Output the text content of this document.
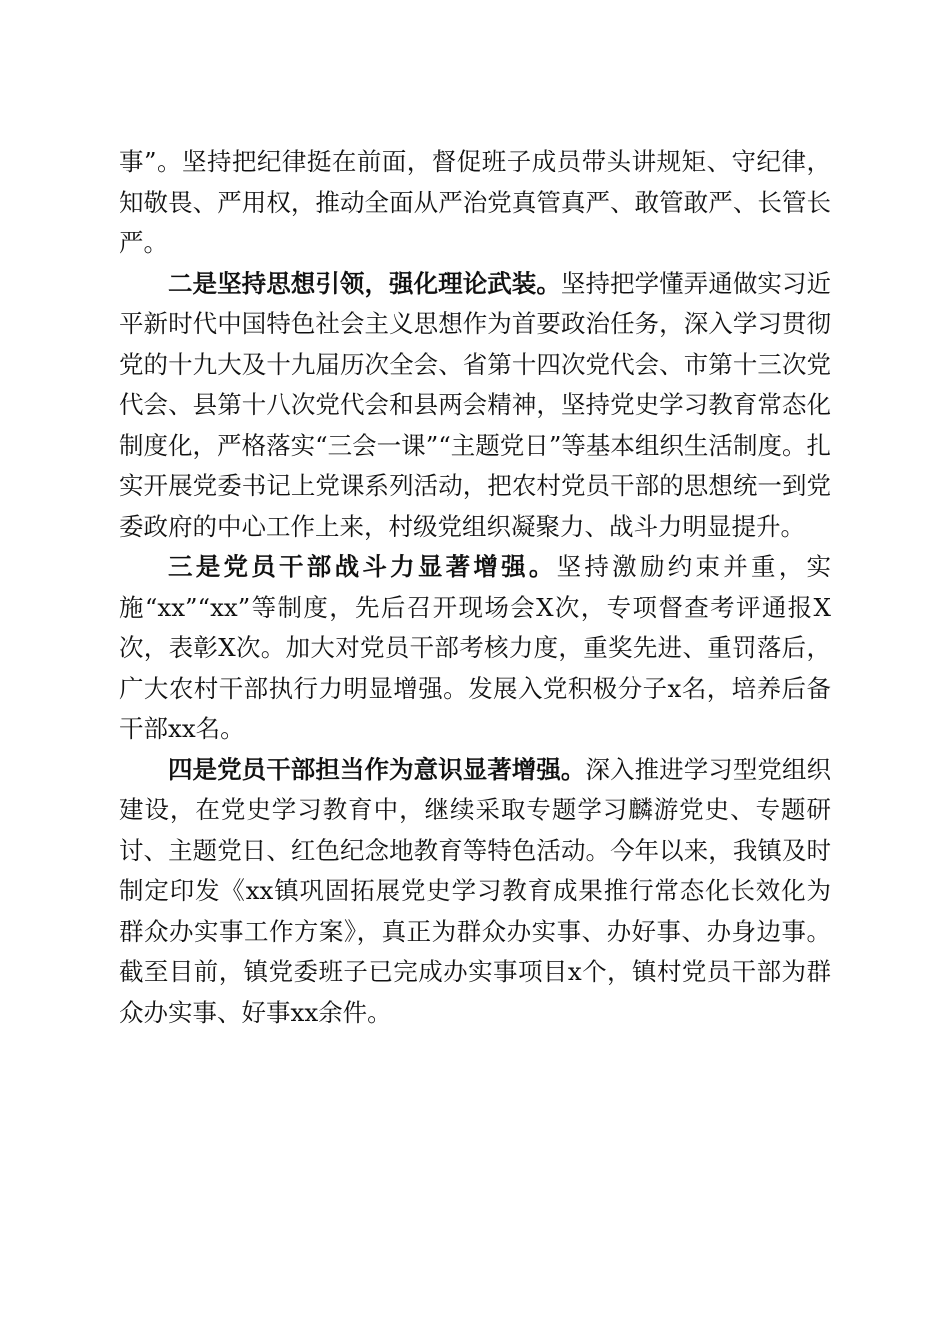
事”。坚持把纪律挺在前面，督促班子成员带头讲规矩、守纪律，知敬畏、严用权，推动全面从严治党真管真严、敢管敢严、长管长严。

二是坚持思想引领，强化理论武装。坚持把学懂弄通做实习近平新时代中国特色社会主义思想作为首要政治任务，深入学习贯彻党的十九大及十九届历次全会、省第十四次党代会、市第十三次党代会、县第十八次党代会和县两会精神，坚持党史学习教育常态化制度化，严格落实“三会一课”“主题党日”等基本组织生活制度。扎实开展党委书记上党课系列活动，把农村党员干部的思想统一到党委政府的中心工作上来，村级党组织凝聚力、战斗力明显提升。

三是党员干部战斗力显著增强。坚持激励约束并重，实施“xx”“xx”等制度，先后召开现场会X次，专项督查考评通报X次，表彰X次。加大对党员干部考核力度，重奖先进、重罚落后，广大农村干部执行力明显增强。发展入党积极分子x名，培养后备干部xx名。

四是党员干部担当作为意识显著增强。深入推进学习型党组织建设，在党史学习教育中，继续采取专题学习麟游党史、专题研讨、主题党日、红色纪念地教育等特色活动。今年以来，我镇及时制定印发《xx镇巩固拓展党史学习教育成果推行常态化长效化为群众办实事工作方案》，真正为群众办实事、办好事、办身边事。截至目前，镇党委班子已完成办实事项目x个，镇村党员干部为群众办实事、好事xx余件。
